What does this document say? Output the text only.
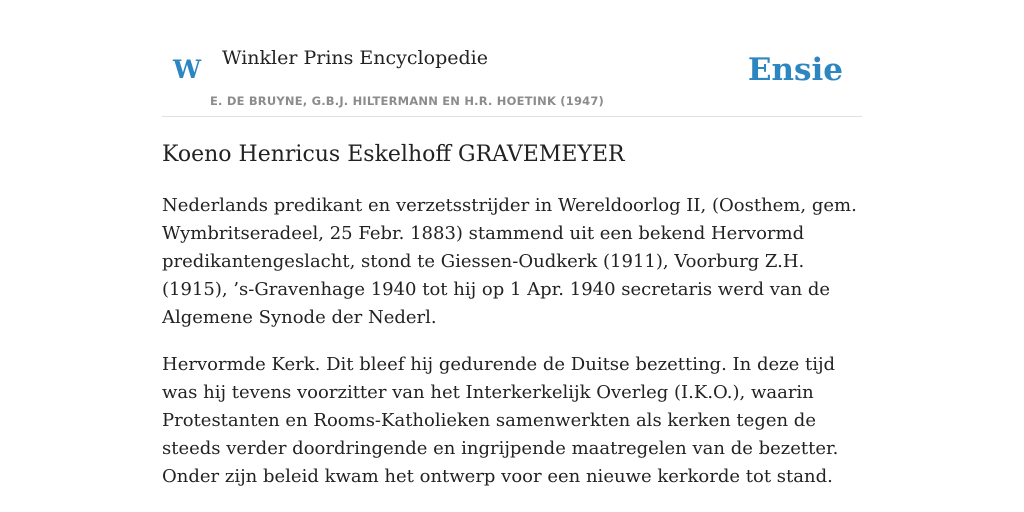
W Winkler Prins Encyclopedie
E. DE BRUYNE, G.B.J. HILTERMANN EN H.R. HOETINK (1947)
Ensie
Koeno Henricus Eskelhoff GRAVEMEYER

Nederlands predikant en verzetsstrijder in Wereldoorlog II, (Oosthem, gem. Wymbritseradeel, 25 Febr. 1883) stammend uit een bekend Hervormd predikantengeslacht, stond te Giessen-Oudkerk (1911), Voorburg Z.H. (1915), ’s-Gravenhage 1940 tot hij op 1 Apr. 1940 secretaris werd van de Algemene Synode der Nederl.

Hervormde Kerk. Dit bleef hij gedurende de Duitse bezetting. In deze tijd was hij tevens voorzitter van het Interkerkelijk Overleg (I.K.O.), waarin Protestanten en Rooms-Katholieken samenwerkten als kerken tegen de steeds verder doordringende en ingrijpende maatregelen van de bezetter. Onder zijn beleid kwam het ontwerp voor een nieuwe kerkorde tot stand.
